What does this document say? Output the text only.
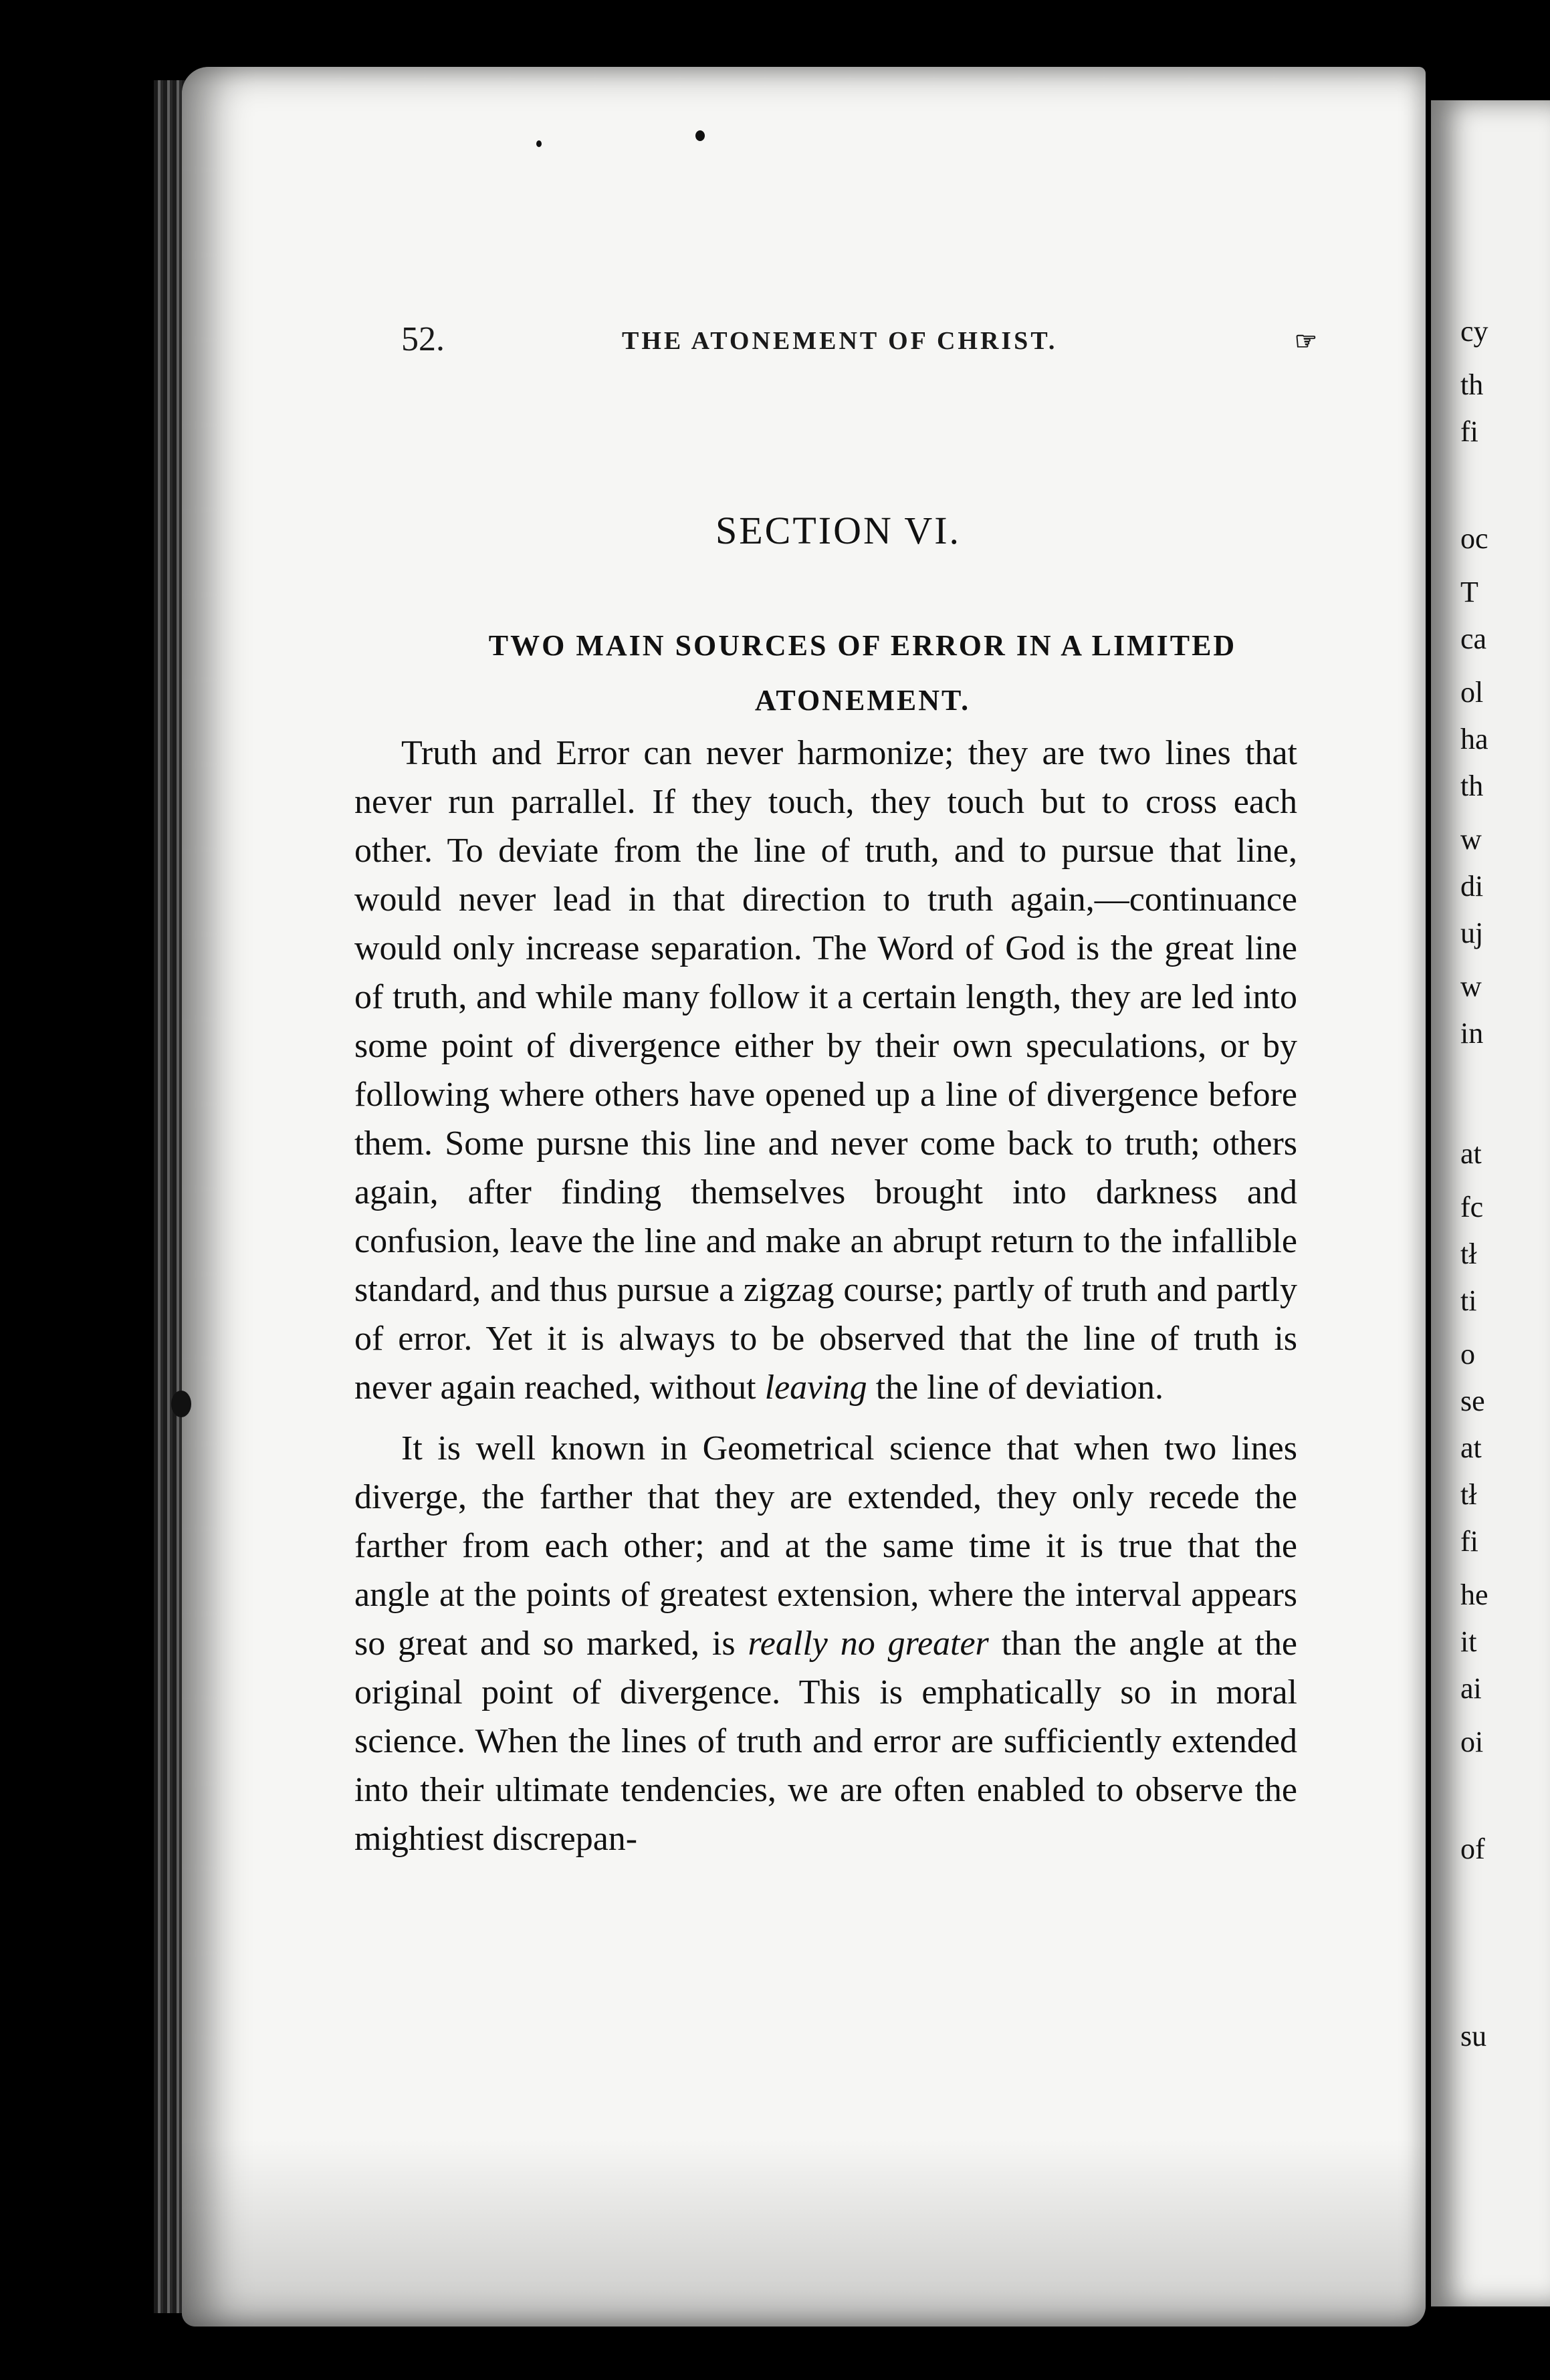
cy
th
fi
oc
T
ca
ol
ha
th
w
di
uj
w
in
at
fc
tł
ti
o
se
at
tł
fi
he
it
ai
oi
of
su
52.	THE ATONEMENT OF CHRIST.	☞
SECTION VI.
TWO MAIN SOURCES OF ERROR IN A LIMITED
ATONEMENT.

Truth and Error can never harmonize; they are two lines that never run parrallel. If they touch, they touch but to cross each other. To deviate from the line of truth, and to pursue that line, would never lead in that direction to truth again,—continuance would only increase separation. The Word of God is the great line of truth, and while many follow it a certain length, they are led into some point of divergence either by their own speculations, or by following where others have opened up a line of divergence before them. Some pursne this line and never come back to truth; others again, after finding themselves brought into darkness and confusion, leave the line and make an abrupt return to the infallible standard, and thus pursue a zigzag course; partly of truth and partly of error. Yet it is always to be observed that the line of truth is never again reached, without leaving the line of deviation.

It is well known in Geometrical science that when two lines diverge, the farther that they are extended, they only recede the farther from each other; and at the same time it is true that the angle at the points of greatest extension, where the interval appears so great and so marked, is really no greater than the angle at the original point of divergence. This is emphatically so in moral science. When the lines of truth and error are sufficiently extended into their ultimate tendencies, we are often enabled to observe the mightiest discrepan-
